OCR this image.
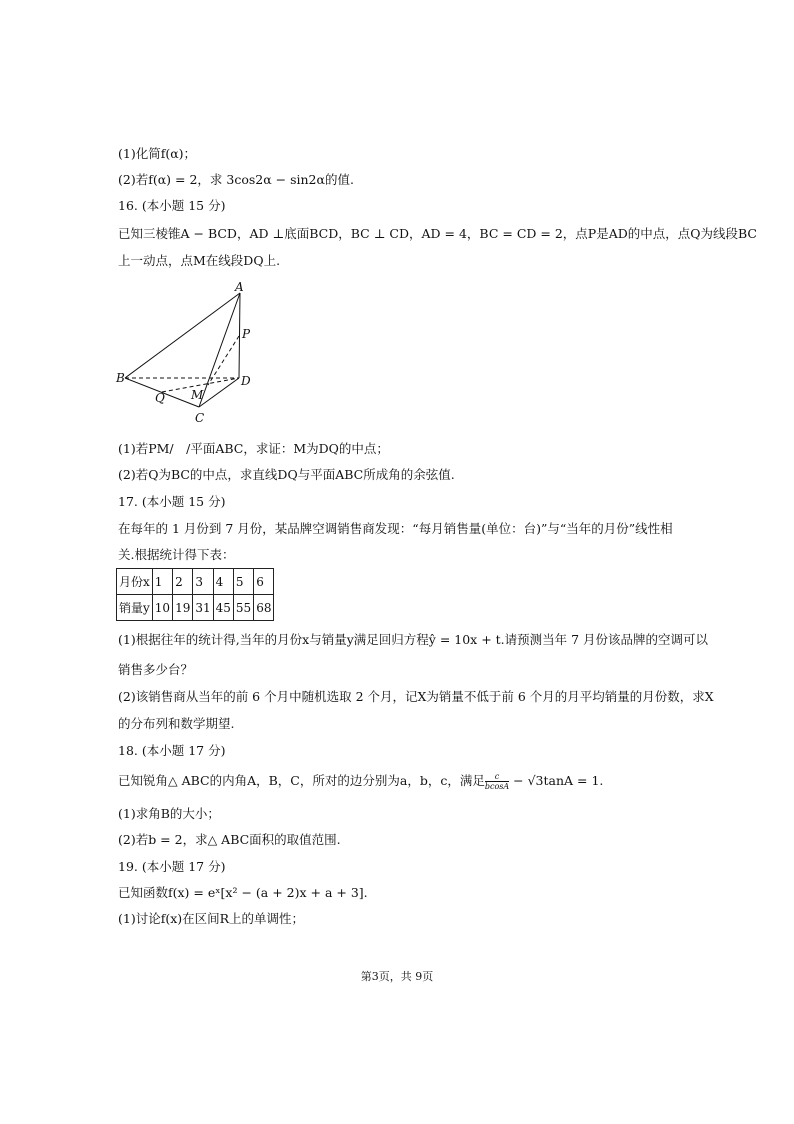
(1)化简f(α)；
(2)若f(α) = 2，求 3cos2α − sin2α的值.
16. (本小题 15 分)
已知三棱锥A − BCD，AD ⊥底面BCD，BC ⊥ CD，AD = 4，BC = CD = 2，点P是AD的中点，点Q为线段BC
上一动点，点M在线段DQ上.
A
B
C
D
P
Q M
(1)若PM/　/平面ABC，求证：M为DQ的中点；
(2)若Q为BC的中点，求直线DQ与平面ABC所成角的余弦值.
17. (本小题 15 分)
在每年的 1 月份到 7 月份，某品牌空调销售商发现：“每月销售量(单位：台)”与“当年的月份”线性相
关.根据统计得下表：
月份x	1	2	3	4	5	6
销量y	10	19	31	45	55	68
(1)根据往年的统计得,当年的月份x与销量y满足回归方程ŷ = 10x + t.请预测当年 7 月份该品牌的空调可以
销售多少台？
(2)该销售商从当年的前 6 个月中随机选取 2 个月，记X为销量不低于前 6 个月的月平均销量的月份数，求X
的分布列和数学期望.
18. (本小题 17 分)
已知锐角△ ABC的内角A，B，C，所对的边分别为a，b，c，满足 $\frac{c}{bcosA} - √3\tan A = 1$.
(1)求角B的大小；
(2)若b = 2，求△ ABC面积的取值范围.
19. (本小题 17 分)
已知函数f(x) = eˣ[x² − (a + 2)x + a + 3].
(1)讨论f(x)在区间R上的单调性；
第3页，共 9页
